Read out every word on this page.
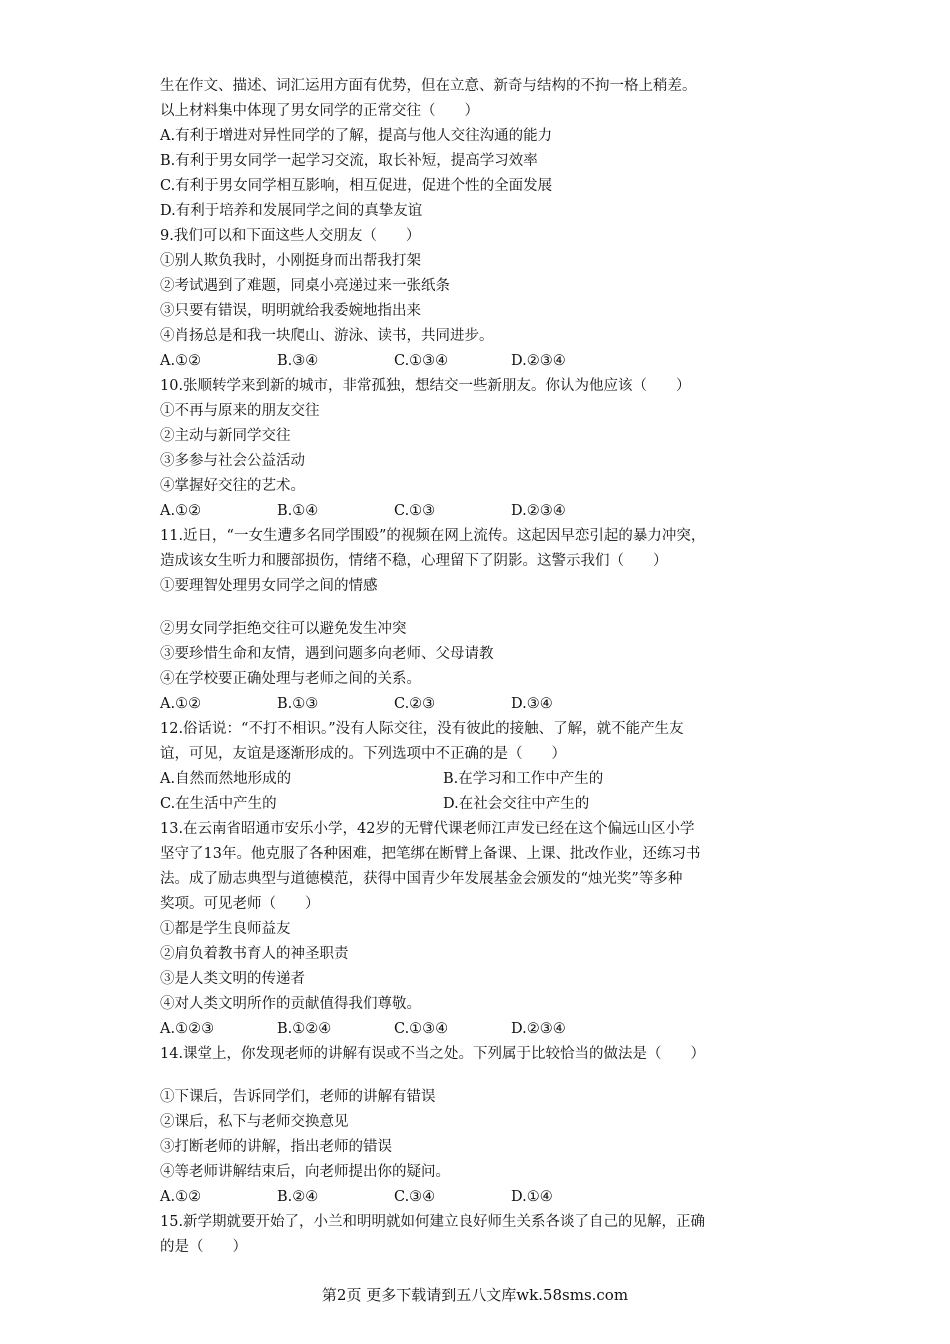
生在作文、描述、词汇运用方面有优势，但在立意、新奇与结构的不拘一格上稍差。
以上材料集中体现了男女同学的正常交往（　　）
A.有利于增进对异性同学的了解，提高与他人交往沟通的能力
B.有利于男女同学一起学习交流，取长补短，提高学习效率
C.有利于男女同学相互影响，相互促进，促进个性的全面发展
D.有利于培养和发展同学之间的真挚友谊
9.我们可以和下面这些人交朋友（　　）
①别人欺负我时，小刚挺身而出帮我打架
②考试遇到了难题，同桌小亮递过来一张纸条
③只要有错误，明明就给我委婉地指出来
④肖扬总是和我一块爬山、游泳、读书，共同进步。
A.①②	B.③④	C.①③④	D.②③④
10.张顺转学来到新的城市，非常孤独，想结交一些新朋友。你认为他应该（　　）
①不再与原来的朋友交往
②主动与新同学交往
③多参与社会公益活动
④掌握好交往的艺术。
A.①②	B.①④	C.①③	D.②③④
11.近日，“一女生遭多名同学围殴”的视频在网上流传。这起因早恋引起的暴力冲突，
造成该女生听力和腰部损伤，情绪不稳，心理留下了阴影。这警示我们（　　）
①要理智处理男女同学之间的情感
②男女同学拒绝交往可以避免发生冲突
③要珍惜生命和友情，遇到问题多向老师、父母请教
④在学校要正确处理与老师之间的关系。
A.①②	B.①③	C.②③	D.③④
12.俗话说：“不打不相识。”没有人际交往，没有彼此的接触、了解，就不能产生友
谊，可见，友谊是逐渐形成的。下列选项中不正确的是（　　）
A.自然而然地形成的	B.在学习和工作中产生的
C.在生活中产生的	D.在社会交往中产生的
13.在云南省昭通市安乐小学，42岁的无臂代课老师江声发已经在这个偏远山区小学
坚守了13年。他克服了各种困难，把笔绑在断臂上备课、上课、批改作业，还练习书
法。成了励志典型与道德模范，获得中国青少年发展基金会颁发的“烛光奖”等多种
奖项。可见老师（　　）
①都是学生良师益友
②肩负着教书育人的神圣职责
③是人类文明的传递者
④对人类文明所作的贡献值得我们尊敬。
A.①②③	B.①②④	C.①③④	D.②③④
14.课堂上，你发现老师的讲解有误或不当之处。下列属于比较恰当的做法是（　　）
①下课后，告诉同学们，老师的讲解有错误
②课后，私下与老师交换意见
③打断老师的讲解，指出老师的错误
④等老师讲解结束后，向老师提出你的疑问。
A.①②	B.②④	C.③④	D.①④
15.新学期就要开始了，小兰和明明就如何建立良好师生关系各谈了自己的见解，正确
的是（　　）
第2页 更多下载请到五八文库wk.58sms.com
